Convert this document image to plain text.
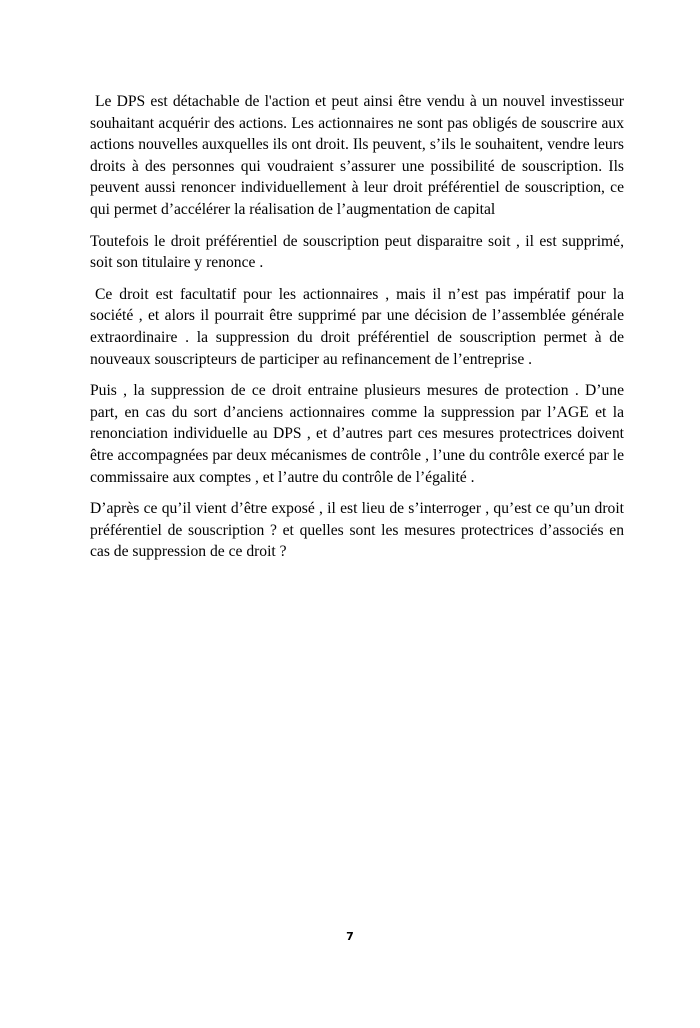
Le DPS est détachable de l'action et peut ainsi être vendu à un nouvel investisseur souhaitant acquérir des actions. Les actionnaires ne sont pas obligés de souscrire aux actions nouvelles auxquelles ils ont droit. Ils peuvent, s’ils le souhaitent, vendre leurs droits à des personnes qui voudraient s’assurer une possibilité de souscription. Ils peuvent aussi renoncer individuellement à leur droit préférentiel de souscription, ce qui permet d’accélérer la réalisation de l’augmentation de capital

Toutefois le droit préférentiel de souscription peut disparaitre soit , il est supprimé, soit son titulaire y renonce .

Ce droit est facultatif pour les actionnaires , mais il n’est pas impératif pour la société , et alors il pourrait être supprimé par une décision de l’assemblée générale extraordinaire . la suppression du droit préférentiel de souscription permet à de nouveaux souscripteurs de participer au refinancement de l’entreprise .

Puis , la suppression de ce droit entraine plusieurs mesures de protection . D’une part, en cas du sort d’anciens actionnaires comme la suppression par l’AGE et la renonciation individuelle au DPS , et d’autres part ces mesures protectrices doivent être accompagnées par deux mécanismes de contrôle , l’une du contrôle exercé par le commissaire aux comptes , et l’autre du contrôle de l’égalité .

D’après ce qu’il vient d’être exposé , il est lieu de s’interroger , qu’est ce qu’un droit préférentiel de souscription ? et quelles sont les mesures protectrices d’associés en cas de suppression de ce droit ?

7
